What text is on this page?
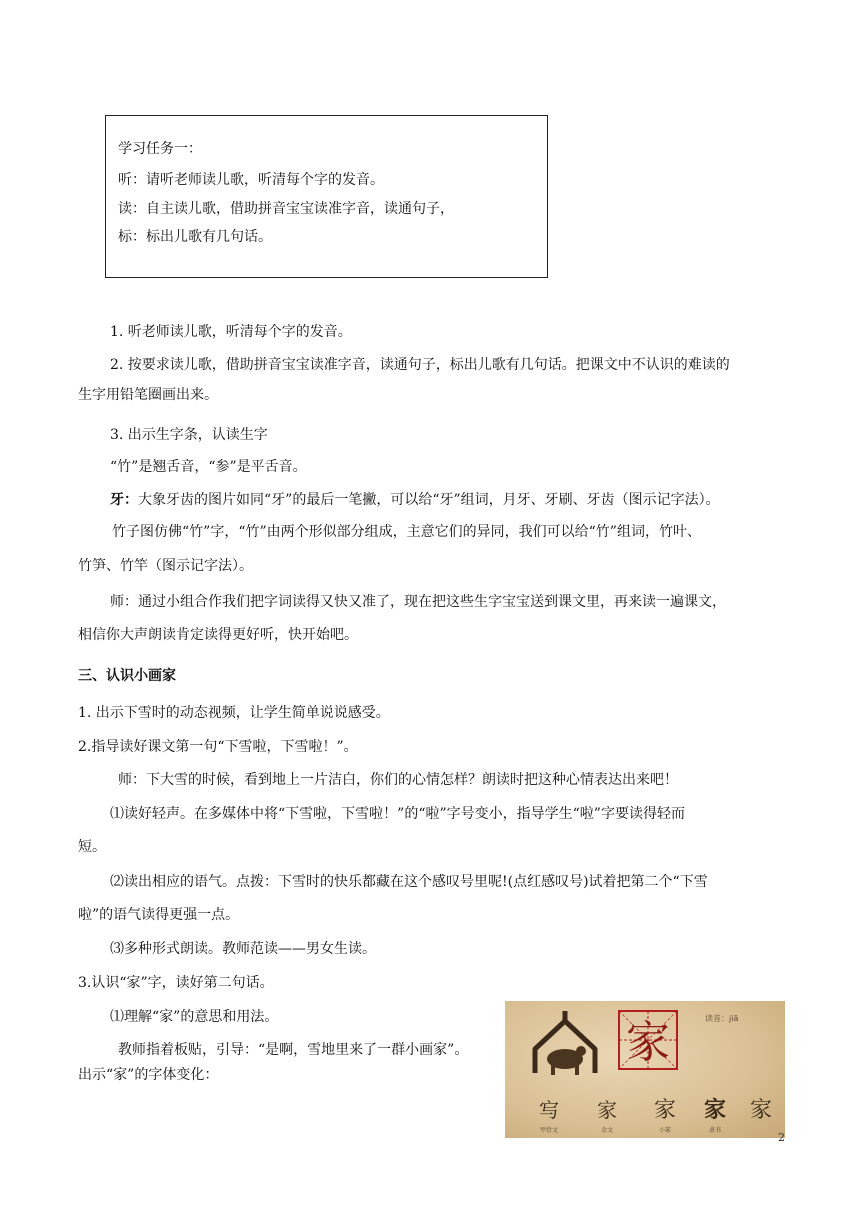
学习任务一：
听：请听老师读儿歌，听清每个字的发音。
读：自主读儿歌，借助拼音宝宝读准字音，读通句子，
标：标出儿歌有几句话。
1. 听老师读儿歌，听清每个字的发音。
2. 按要求读儿歌，借助拼音宝宝读准字音，读通句子，标出儿歌有几句话。把课文中不认识的难读的
生字用铅笔圈画出来。
3. 出示生字条，认读生字
“竹”是翘舌音，“参”是平舌音。
牙：大象牙齿的图片如同“牙”的最后一笔撇，可以给“牙”组词，月牙、牙刷、牙齿（图示记字法）。
竹子图仿佛“竹”字，“竹”由两个形似部分组成，主意它们的异同，我们可以给“竹”组词，竹叶、
竹笋、竹竿（图示记字法）。
师：通过小组合作我们把字词读得又快又准了，现在把这些生字宝宝送到课文里，再来读一遍课文，
相信你大声朗读肯定读得更好听，快开始吧。
三、认识小画家
1. 出示下雪时的动态视频，让学生简单说说感受。
2.指导读好课文第一句“下雪啦，下雪啦！”。
师：下大雪的时候，看到地上一片洁白，你们的心情怎样？朗读时把这种心情表达出来吧！
⑴读好轻声。在多媒体中将“下雪啦，下雪啦！”的“啦”字号变小，指导学生“啦”字要读得轻而
短。
⑵读出相应的语气。点拨：下雪时的快乐都藏在这个感叹号里呢!(点红感叹号)试着把第二个“下雪
啦”的语气读得更强一点。
⑶多种形式朗读。教师范读——男女生读。
3.认识“家”字，读好第二句话。
⑴理解“家”的意思和用法。
教师指着板贴，引导：“是啊，雪地里来了一群小画家”。
出示“家”的字体变化：
家	读音：jiā
㝍 家 家 家 家
甲骨文	金文	小篆	隶书
2
